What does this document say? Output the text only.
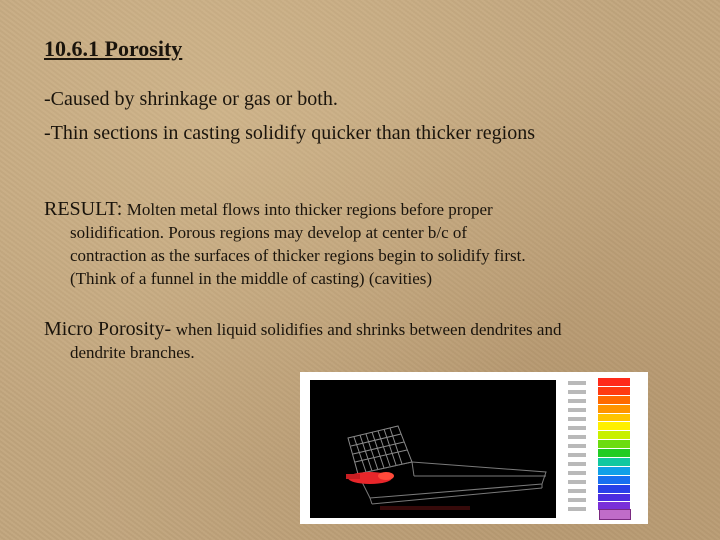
10.6.1 Porosity

-Caused by shrinkage or gas or both.

-Thin sections in casting solidify quicker than thicker regions

RESULT: Molten metal flows into thicker regions before proper
solidification. Porous regions may develop at center b/c of
contraction as the surfaces of thicker regions begin to solidify first.
(Think of a funnel in the middle of casting) (cavities)
Micro Porosity- when liquid solidifies and shrinks between dendrites and
dendrite branches.
